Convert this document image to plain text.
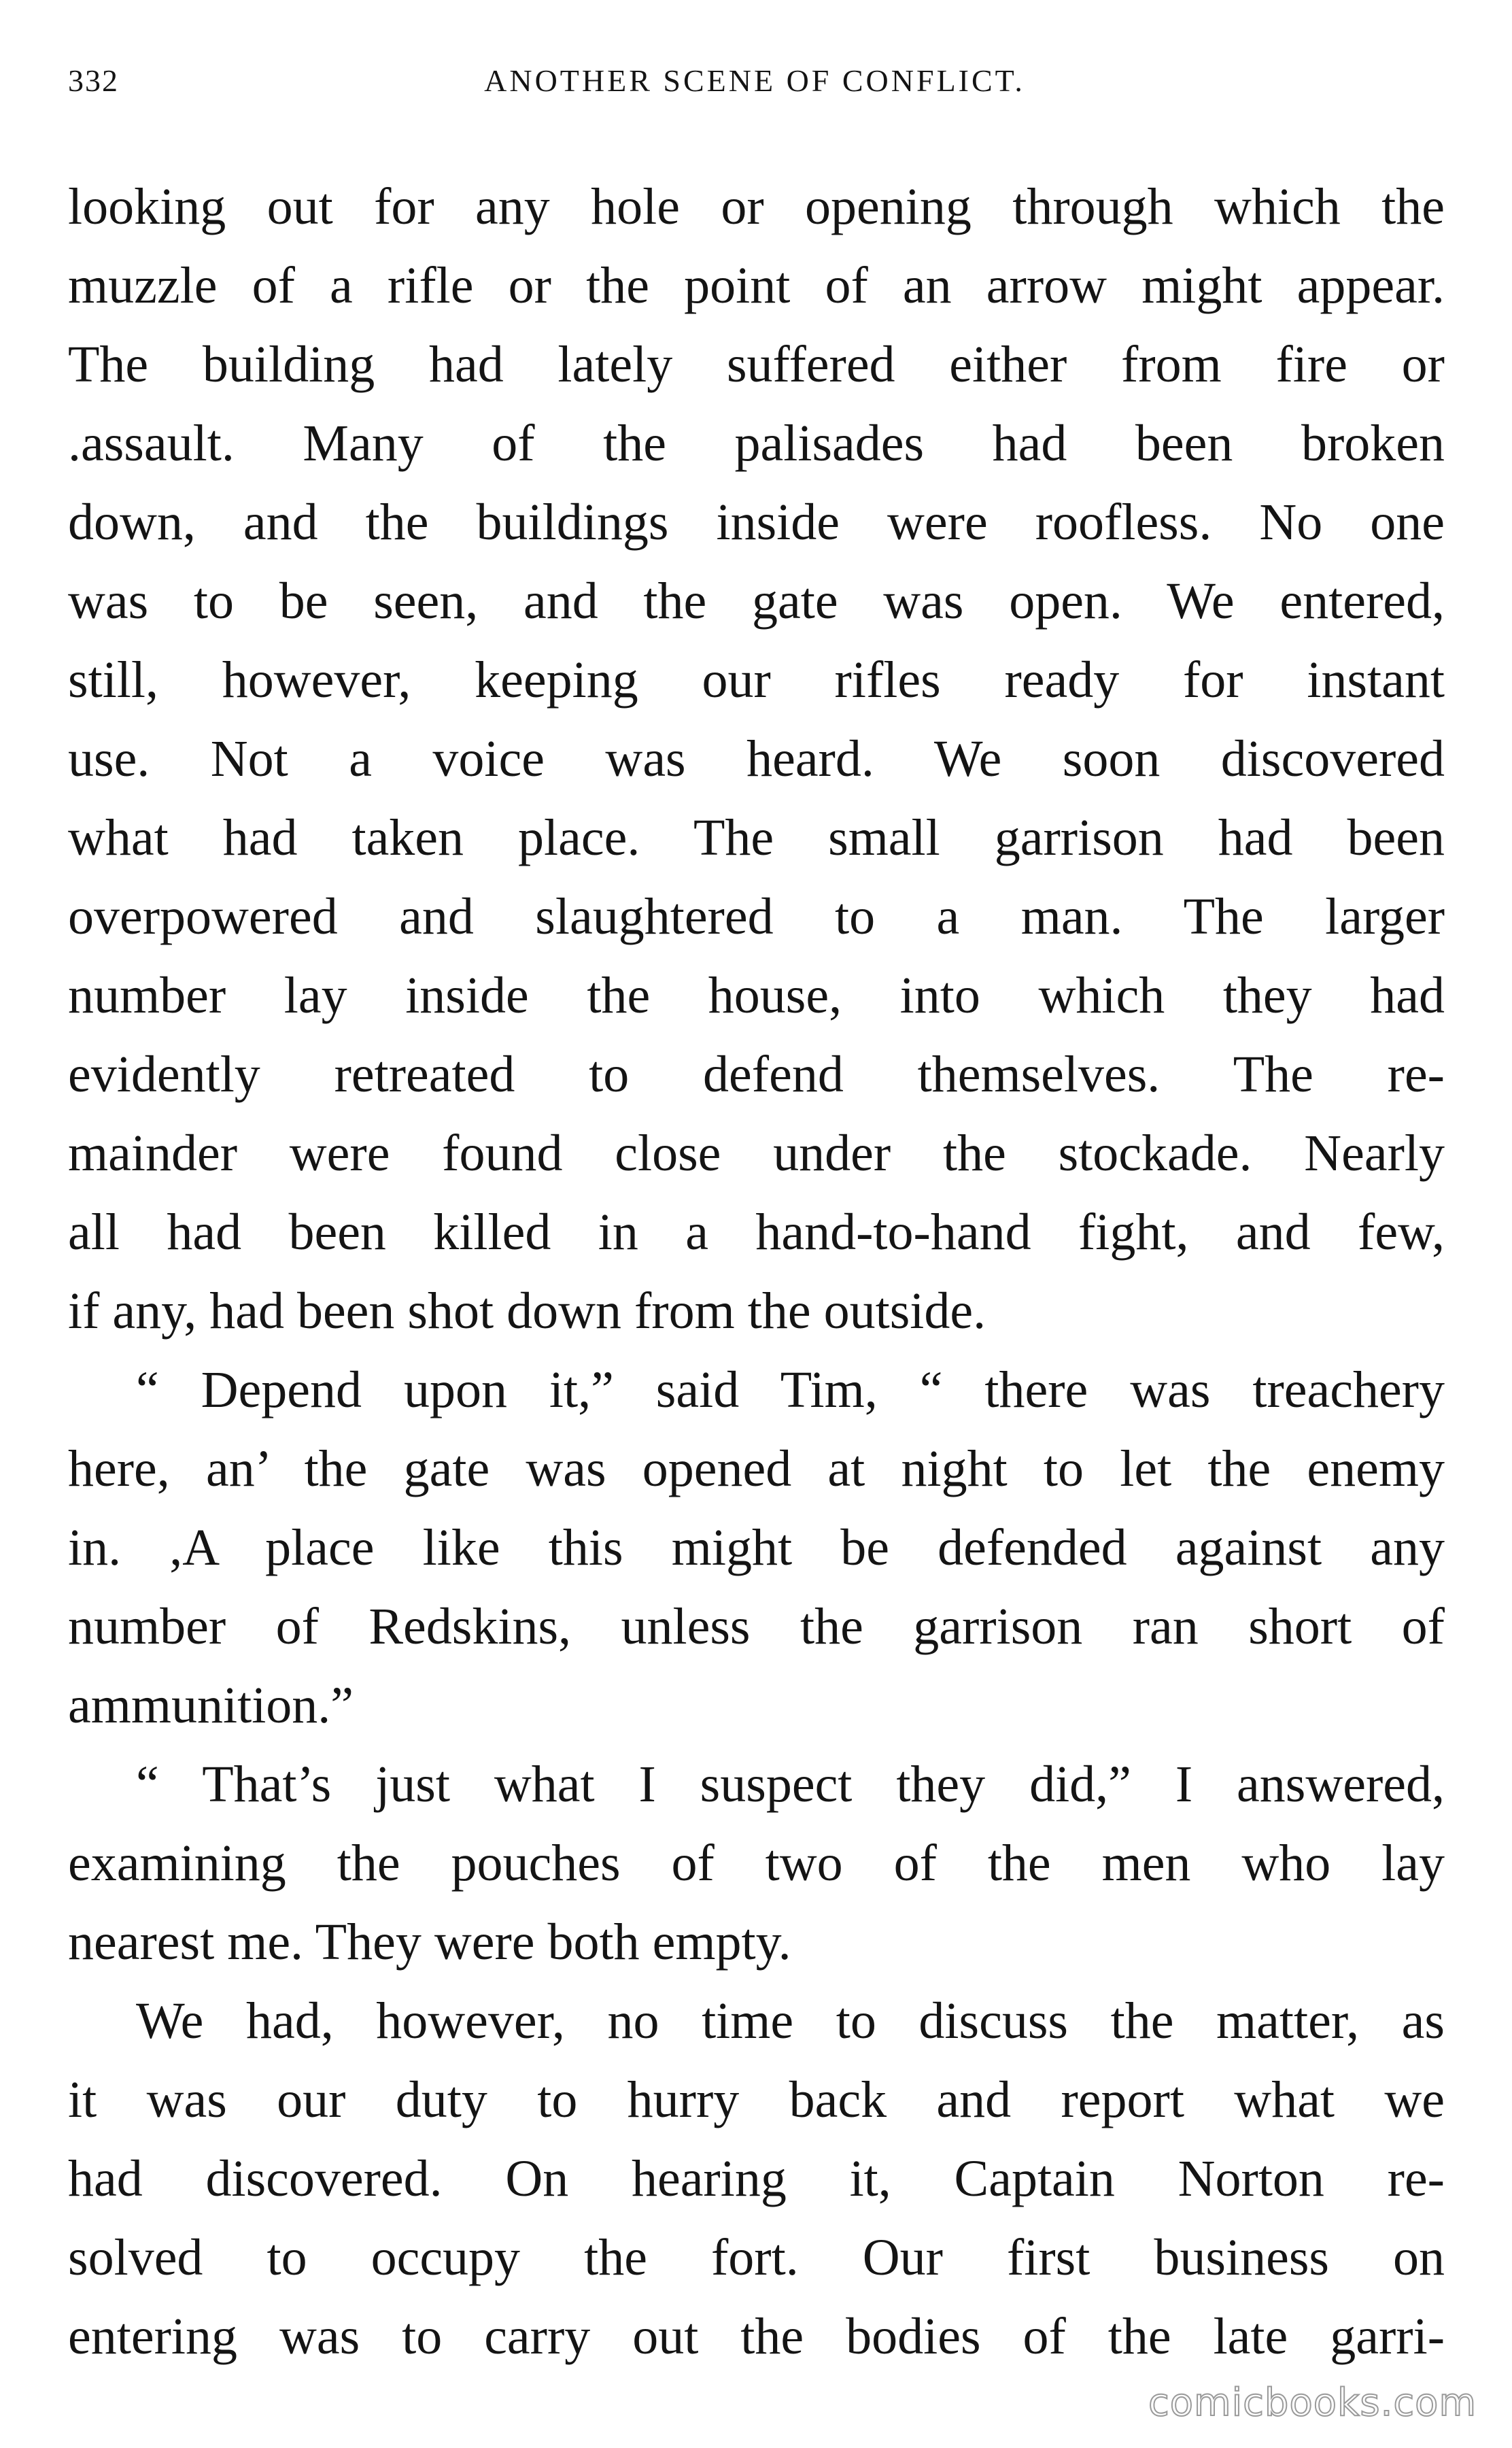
332	ANOTHER SCENE OF CONFLICT.
looking out for any hole or opening through which the
muzzle of a rifle or the point of an arrow might appear.
The building had lately suffered either from fire or
.assault. Many of the palisades had been broken
down, and the buildings inside were roofless. No one
was to be seen, and the gate was open. We entered,
still, however, keeping our rifles ready for instant
use. Not a voice was heard. We soon discovered
what had taken place. The small garrison had been
overpowered and slaughtered to a man. The larger
number lay inside the house, into which they had
evidently retreated to defend themselves. The re-
mainder were found close under the stockade. Nearly
all had been killed in a hand-to-hand fight, and few,
if any, had been shot down from the outside.
“ Depend upon it,” said Tim, “ there was treachery
here, an’ the gate was opened at night to let the enemy
in. ,A place like this might be defended against any
number of Redskins, unless the garrison ran short of
ammunition.”
“ That’s just what I suspect they did,” I answered,
examining the pouches of two of the men who lay
nearest me. They were both empty.
We had, however, no time to discuss the matter, as
it was our duty to hurry back and report what we
had discovered. On hearing it, Captain Norton re-
solved to occupy the fort. Our first business on
entering was to carry out the bodies of the late garri-
comicbooks.com
